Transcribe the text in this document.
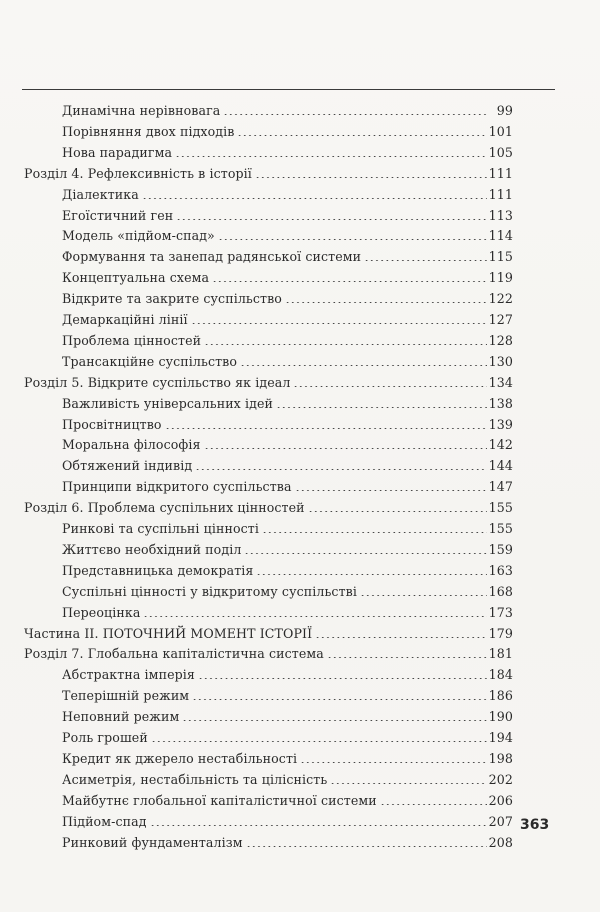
Динамічна нерівновага	99
Порівняння двох підходів	101
Нова парадигма	105
Розділ 4. Рефлексивність в історії	111
Діалектика	111
Егоїстичний ген	113
Модель «підйом-спад»	114
Формування та занепад радянської системи	115
Концептуальна схема	119
Відкрите та закрите суспільство	122
Демаркаційні лінії	127
Проблема цінностей	128
Трансакційне суспільство	130
Розділ 5. Відкрите суспільство як ідеал	134
Важливість універсальних ідей	138
Просвітництво	139
Моральна філософія	142
Обтяжений індивід	144
Принципи відкритого суспільства	147
Розділ 6. Проблема суспільних цінностей	155
Ринкові та суспільні цінності	155
Життєво необхідний поділ	159
Представницька демократія	163
Суспільні цінності у відкритому суспільстві	168
Переоцінка	173
Частина II. ПОТОЧНИЙ МОМЕНТ ІСТОРІЇ	179
Розділ 7. Глобальна капіталістична система	181
Абстрактна імперія	184
Теперішній режим	186
Неповний режим	190
Роль грошей	194
Кредит як джерело нестабільності	198
Асиметрія, нестабільність та цілісність	202
Майбутнє глобальної капіталістичної системи	206
Підйом-спад	207
Ринковий фундаменталізм	208
363
